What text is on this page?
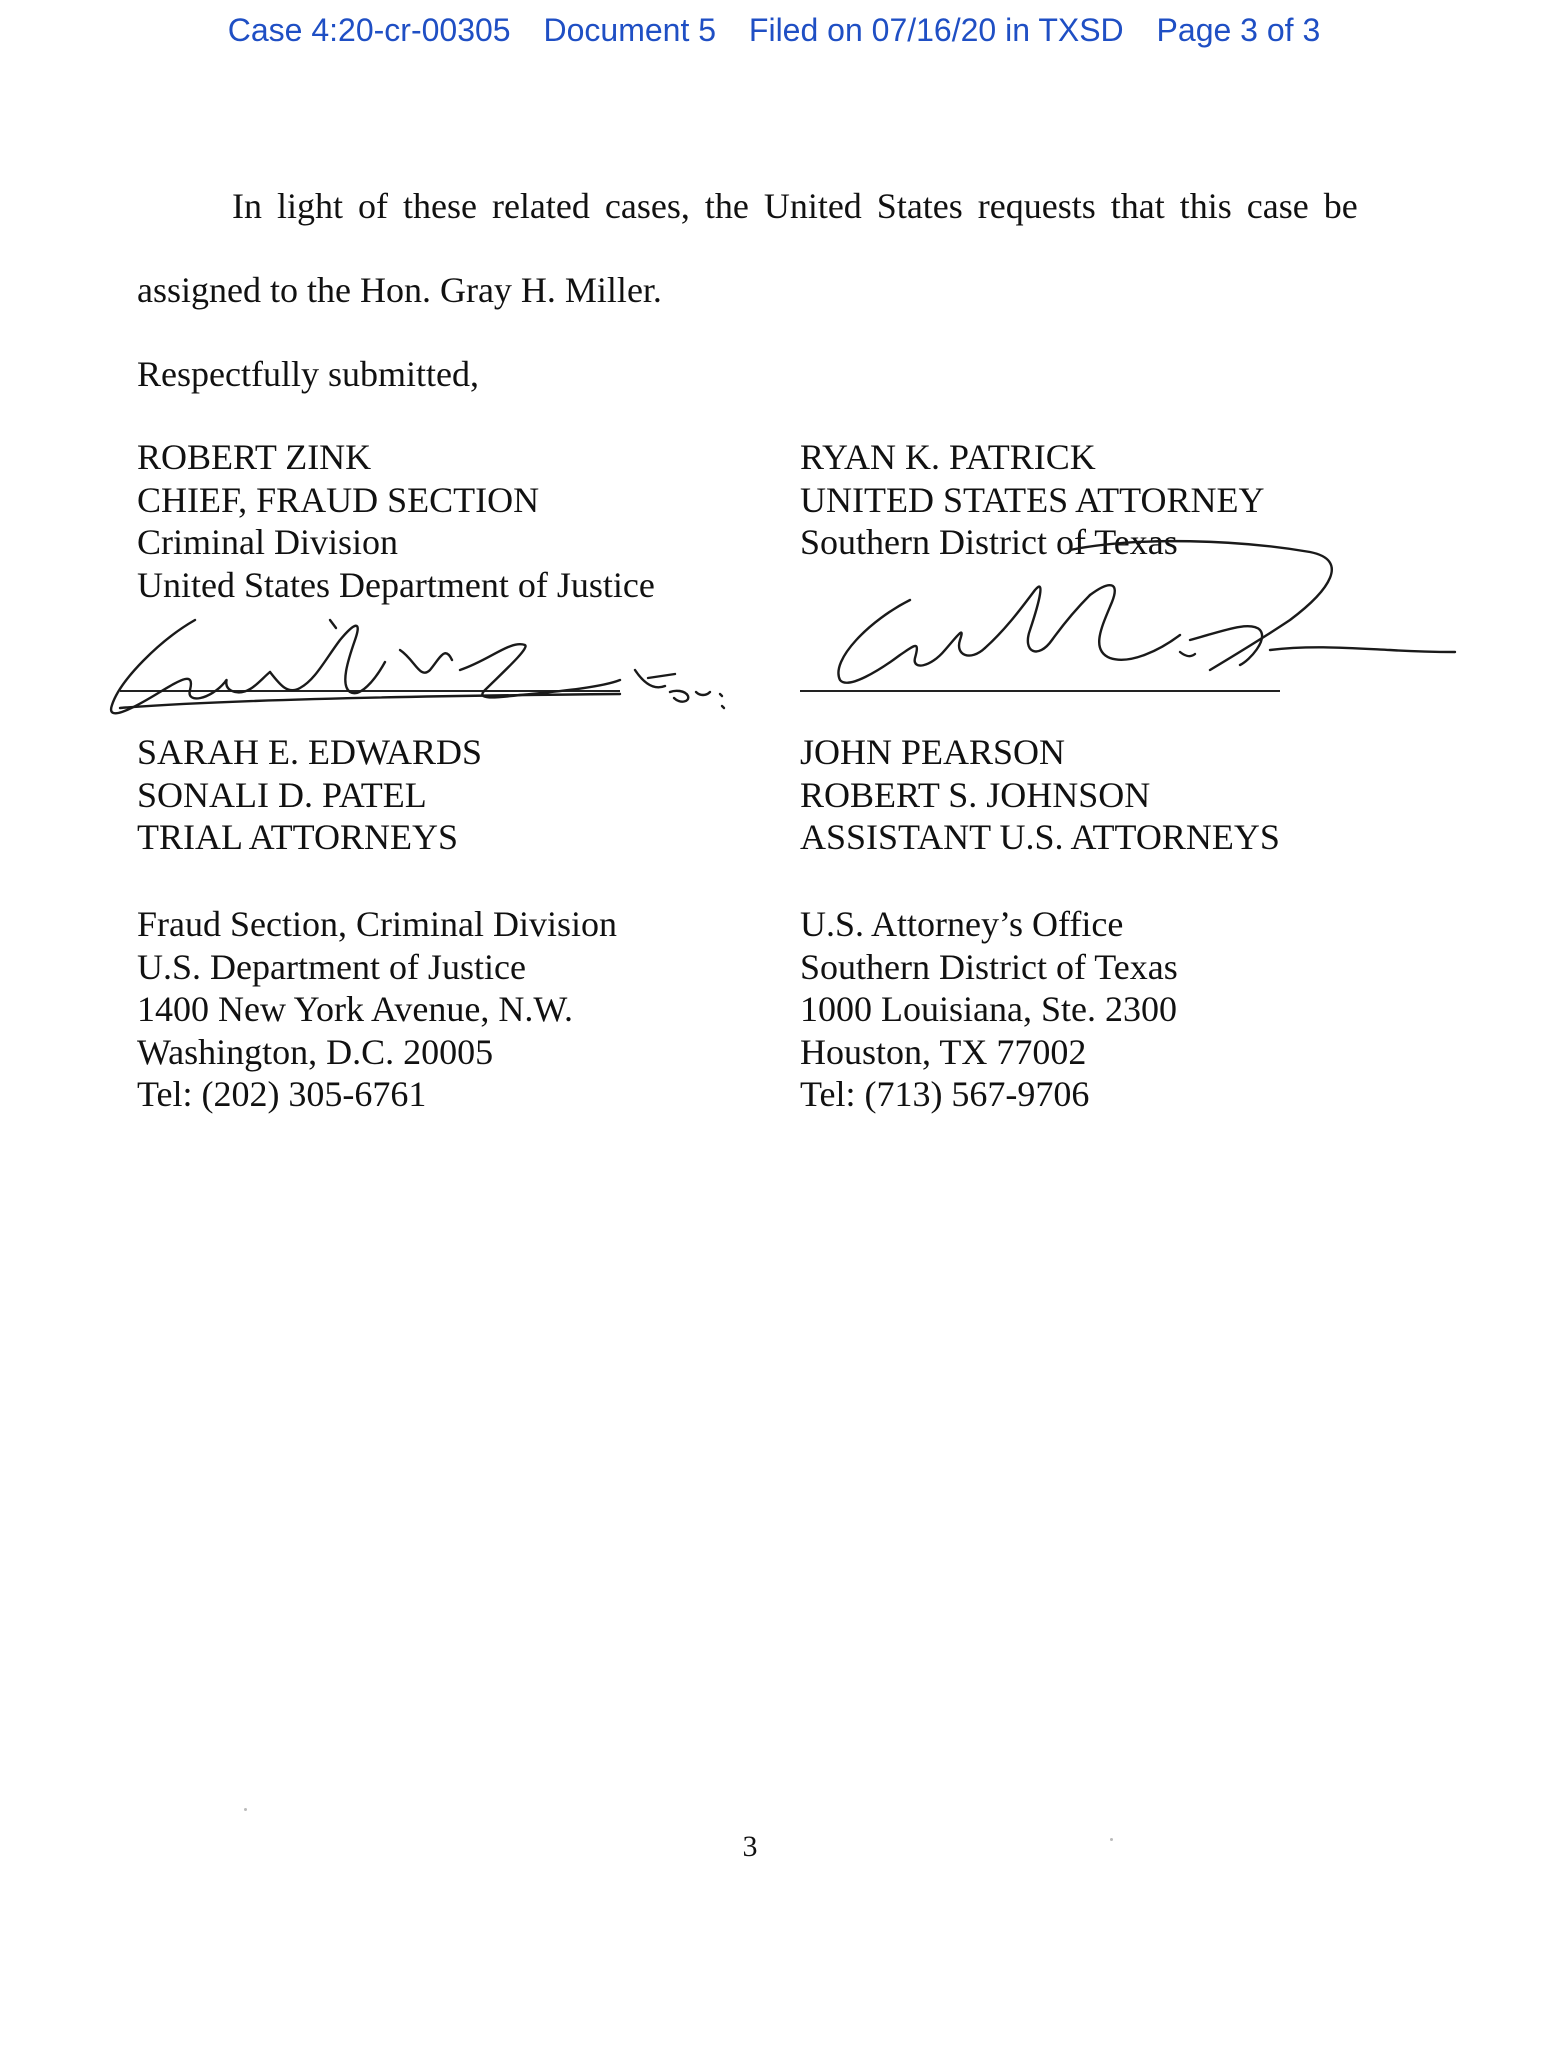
Case 4:20-cr-00305 Document 5 Filed on 07/16/20 in TXSD Page 3 of 3
In light of these related cases, the United States requests that this case be
assigned to the Hon. Gray H. Miller.
Respectfully submitted,
ROBERT ZINK
CHIEF, FRAUD SECTION
Criminal Division
United States Department of Justice
RYAN K. PATRICK
UNITED STATES ATTORNEY
Southern District of Texas
SARAH E. EDWARDS
SONALI D. PATEL
TRIAL ATTORNEYS
JOHN PEARSON
ROBERT S. JOHNSON
ASSISTANT U.S. ATTORNEYS
Fraud Section, Criminal Division
U.S. Department of Justice
1400 New York Avenue, N.W.
Washington, D.C. 20005
Tel: (202) 305-6761
U.S. Attorney’s Office
Southern District of Texas
1000 Louisiana, Ste. 2300
Houston, TX 77002
Tel: (713) 567-9706
3
